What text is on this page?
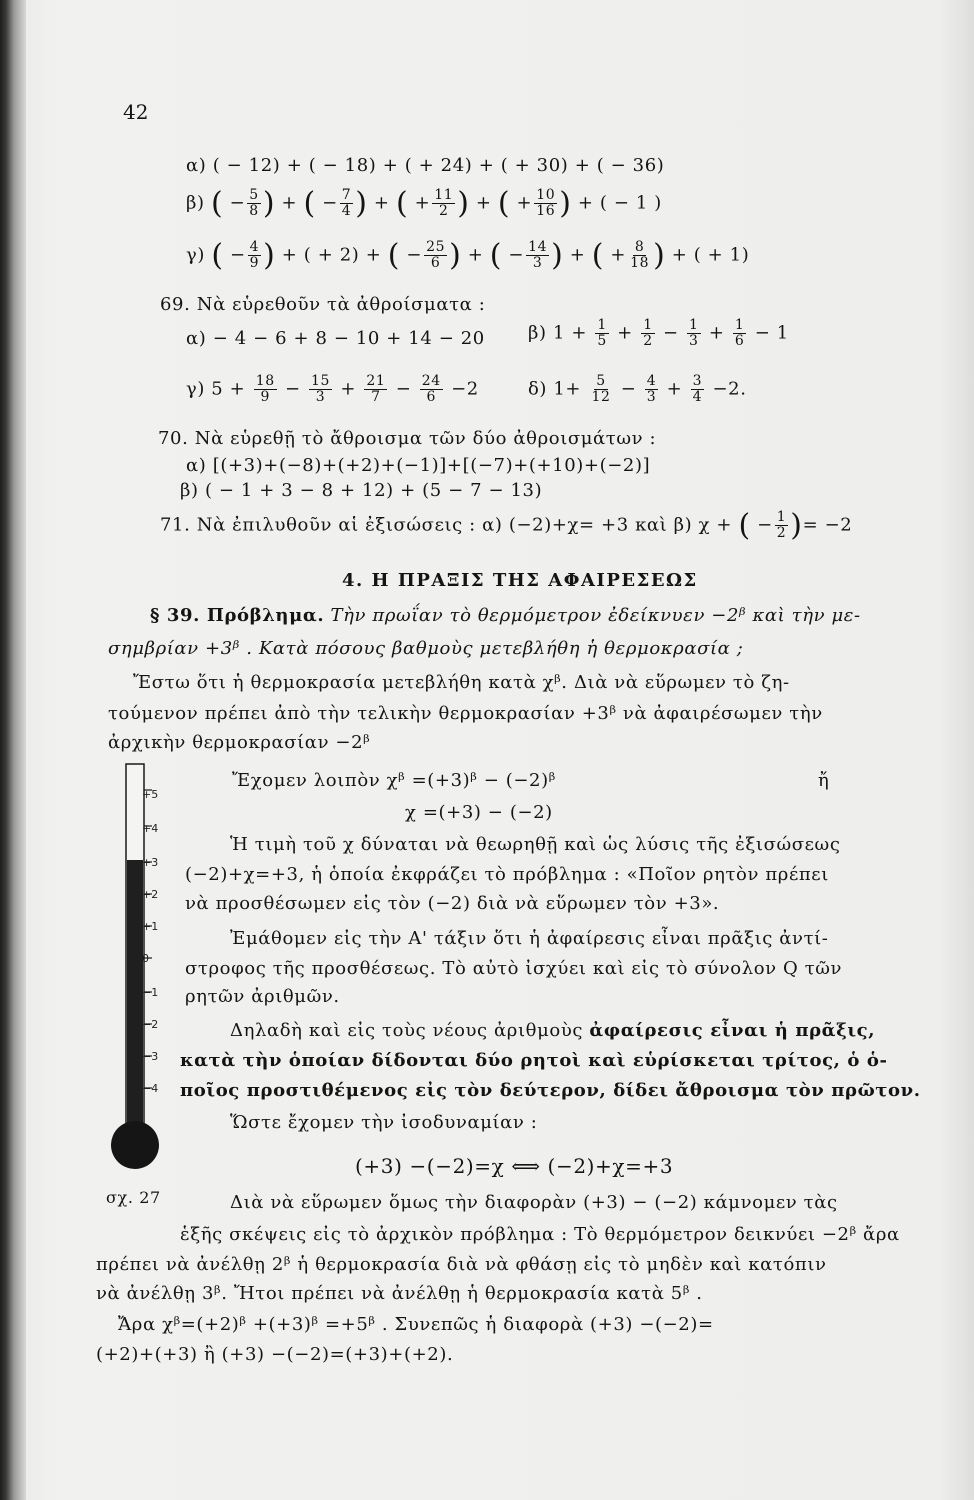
42
α) ( − 12) + ( − 18) + ( + 24) + ( + 30) + ( − 36)
β) ( − $\frac{5}{8}$ ) + ( − $\frac{7}{4}$ ) + ( + $\frac{11}{2}$ ) + ( + $\frac{10}{16}$ ) + ( − 1 )
γ) ( − $\frac{4}{9}$ ) + ( + 2) + ( − $\frac{25}{6}$ ) + ( − $\frac{14}{3}$ ) + ( + $\frac{8}{18}$ ) + ( + 1)
69. Νὰ εὑρεθοῦν τὰ ἀθροίσματα :
α) − 4 − 6 + 8 − 10 + 14 − 20 β) $1 + \frac{1}{5} + \frac{1}{2} - \frac{1}{3} + \frac{1}{6} - 1$
γ) $5 + \frac{18}{9} - \frac{15}{3} + \frac{21}{7} - \frac{24}{6} -2$	δ) $1+ \frac{5}{12} - \frac{4}{3} + \frac{3}{4} -2$.
70. Νὰ εὑρεθῇ τὸ ἄθροισμα τῶν δύο ἀθροισμάτων :
α) [(+3)+(−8)+(+2)+(−1)]+[(−7)+(+10)+(−2)]
β) ( − 1 + 3 − 8 + 12) + (5 − 7 − 13)
71. Νὰ ἐπιλυθοῦν αἱ ἐξισώσεις : α) (−2)+χ= +3 καὶ β) χ + ( − $\frac{1}{2}$ )= −2
4. Η ΠΡΑΞΙΣ ΤΗΣ ΑΦΑΙΡΕΣΕΩΣ
§ 39. Πρόβλημα. Τὴν πρωΐαν τὸ θερμόμετρον ἐδείκνυεν −2ᵝ καὶ τὴν με-
σημβρίαν +3ᵝ . Κατὰ πόσους βαθμοὺς μετεβλήθη ἡ θερμοκρασία ;
Ἔστω ὅτι ἡ θερμοκρασία μετεβλήθη κατὰ χᵝ. Διὰ νὰ εὕρωμεν τὸ ζη-
τούμενον πρέπει ἀπὸ τὴν τελικὴν θερμοκρασίαν +3ᵝ νὰ ἀφαιρέσωμεν τὴν
ἀρχικὴν θερμοκρασίαν −2ᵝ
Ἔχομεν λοιπὸν χᵝ =(+3)ᵝ − (−2)ᵝ	ἤ
χ =(+3) − (−2)
Ἡ τιμὴ τοῦ χ δύναται νὰ θεωρηθῇ καὶ ὡς λύσις τῆς ἐξισώσεως
(−2)+χ=+3, ἡ ὁποία ἐκφράζει τὸ πρόβλημα : «Ποῖον ρητὸν πρέπει
νὰ προσθέσωμεν εἰς τὸν (−2) διὰ νὰ εὕρωμεν τὸν +3».
Ἐμάθομεν εἰς τὴν Α' τάξιν ὅτι ἡ ἀφαίρεσις εἶναι πρᾶξις ἀντί-
στροφος τῆς προσθέσεως. Τὸ αὐτὸ ἰσχύει καὶ εἰς τὸ σύνολον Q τῶν
ρητῶν ἀριθμῶν.
Δηλαδὴ καὶ εἰς τοὺς νέους ἀριθμοὺς ἀφαίρεσις εἶναι ἡ πρᾶξις,
κατὰ τὴν ὁποίαν δίδονται δύο ρητοὶ καὶ εὑρίσκεται τρίτος, ὁ ὁ-
ποῖος προστιθέμενος εἰς τὸν δεύτερον, δίδει ἄθροισμα τὸν πρῶτον.
Ὥστε ἔχομεν τὴν ἰσοδυναμίαν :
(+3) −(−2)=χ ⟺ (−2)+χ=+3
σχ. 27	Διὰ νὰ εὕρωμεν ὅμως τὴν διαφορὰν (+3) − (−2) κάμνομεν τὰς
ἑξῆς σκέψεις εἰς τὸ ἀρχικὸν πρόβλημα : Τὸ θερμόμετρον δεικνύει −2ᵝ ἄρα
πρέπει νὰ ἀνέλθῃ 2ᵝ ἡ θερμοκρασία διὰ νὰ φθάσῃ εἰς τὸ μηδὲν καὶ κατόπιν
νὰ ἀνέλθῃ 3ᵝ. Ἤτοι πρέπει νὰ ἀνέλθῃ ἡ θερμοκρασία κατὰ 5ᵝ .
Ἄρα χᵝ=(+2)ᵝ +(+3)ᵝ =+5ᵝ . Συνεπῶς ἡ διαφορὰ (+3) −(−2)=
(+2)+(+3) ἢ (+3) −(−2)=(+3)+(+2).
+5
+4
+3
+2
+1
0
−1
−2
−3
−4
